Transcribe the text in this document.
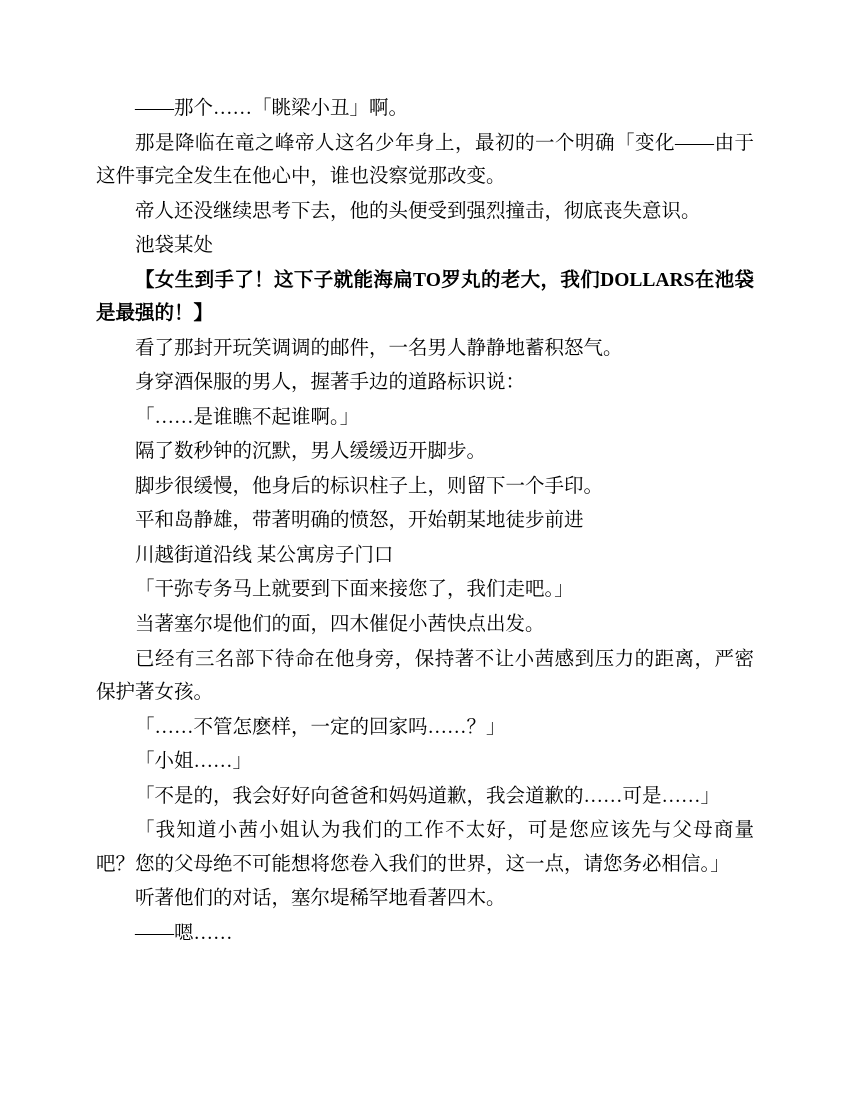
——那个……「眺梁小丑」啊。

那是降临在竜之峰帝人这名少年身上，最初的一个明确「变化——由于这件事完全发生在他心中，谁也没察觉那改变。

帝人还没继续思考下去，他的头便受到强烈撞击，彻底丧失意识。

池袋某处

【女生到手了！这下子就能海扁TO罗丸的老大，我们DOLLARS在池袋是最强的！】

看了那封开玩笑调调的邮件，一名男人静静地蓄积怒气。

身穿酒保服的男人，握著手边的道路标识说：

「……是谁瞧不起谁啊。」

隔了数秒钟的沉默，男人缓缓迈开脚步。

脚步很缓慢，他身后的标识柱子上，则留下一个手印。

平和岛静雄，带著明确的愤怒，开始朝某地徒步前进

川越街道沿线 某公寓房子门口

「干弥专务马上就要到下面来接您了，我们走吧。」

当著塞尔堤他们的面，四木催促小茜快点出发。

已经有三名部下待命在他身旁，保持著不让小茜感到压力的距离，严密保护著女孩。

「……不管怎麽样，一定的回家吗……？」

「小姐……」

「不是的，我会好好向爸爸和妈妈道歉，我会道歉的……可是……」

「我知道小茜小姐认为我们的工作不太好，可是您应该先与父母商量吧？您的父母绝不可能想将您卷入我们的世界，这一点，请您务必相信。」

听著他们的对话，塞尔堤稀罕地看著四木。

——嗯……
